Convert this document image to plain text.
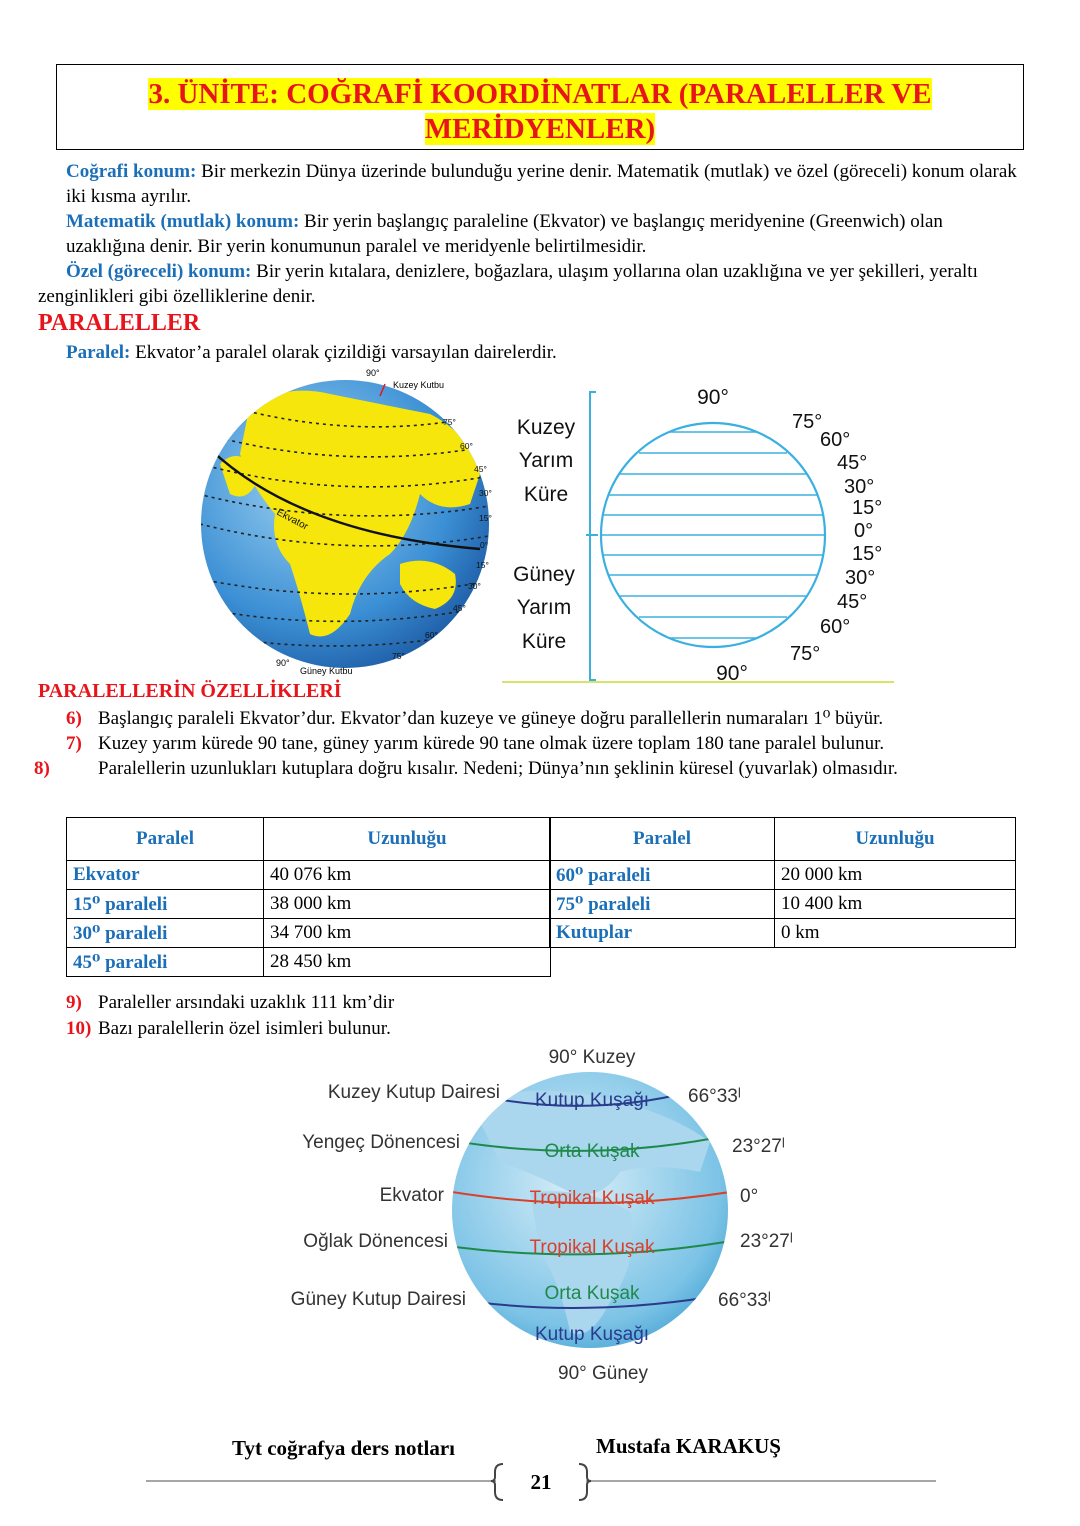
3. ÜNİTE: COĞRAFİ KOORDİNATLAR (PARALELLER VE
MERİDYENLER)
Coğrafi konum: Bir merkezin Dünya üzerinde bulunduğu yerine denir. Matematik (mutlak) ve özel (göreceli) konum olarak iki kısma ayrılır.
Matematik (mutlak) konum: Bir yerin başlangıç paraleline (Ekvator) ve başlangıç meridyenine (Greenwich) olan uzaklığına denir. Bir yerin konumunun paralel ve meridyenle belirtilmesidir.
Özel (göreceli) konum: Bir yerin kıtalara, denizlere, boğazlara, ulaşım yollarına olan uzaklığına ve yer şekilleri, yeraltı zenginlikleri gibi özelliklerine denir.
PARALELLER
Paralel: Ekvator’a paralel olarak çizildiği varsayılan dairelerdir.
Ekvator
90°
Kuzey Kutbu
75°
60°
45°
30°
15°
0°
15°
30°
45°
60°
75°
90°
Güney Kutbu
90°
90°
Kuzey
Yarım
Küre
Güney
Yarım
Küre
75°
60°
45°
30°
15°
0°
15°
30°
45°
60°
75°
PARALELLERİN ÖZELLİKLERİ
6) Başlangıç paraleli Ekvator’dur. Ekvator’dan kuzeye ve güneye doğru parallellerin numaraları 1⁰ büyür.
7) Kuzey yarım kürede 90 tane, güney yarım kürede 90 tane olmak üzere toplam 180 tane paralel bulunur.
8)	Paralellerin uzunlukları kutuplara doğru kısalır. Nedeni; Dünya’nın şeklinin küresel (yuvarlak) olmasıdır.
Paralel	Uzunluğu
Ekvator	40 076 km
15⁰ paraleli	38 000 km
30⁰ paraleli	34 700 km
45⁰ paraleli	28 450 km
Paralel	Uzunluğu
60⁰ paraleli	20 000 km
75⁰ paraleli	10 400 km
Kutuplar	0 km
9) Paraleller arsındaki uzaklık 111 km’dir
10) Bazı paralellerin özel isimleri bulunur.
90° Kuzey
90° Güney
Kuzey Kutup Dairesi
Yengeç Dönencesi
Ekvator
Oğlak Dönencesi
Güney Kutup Dairesi
66°33ˡ
23°27ˡ
0°
23°27ˡ
66°33ˡ
Kutup Kuşağı
Orta Kuşak
Tropikal Kuşak
Tropikal Kuşak
Orta Kuşak
Kutup Kuşağı
Tyt coğrafya ders notları	Mustafa KARAKUŞ
21
